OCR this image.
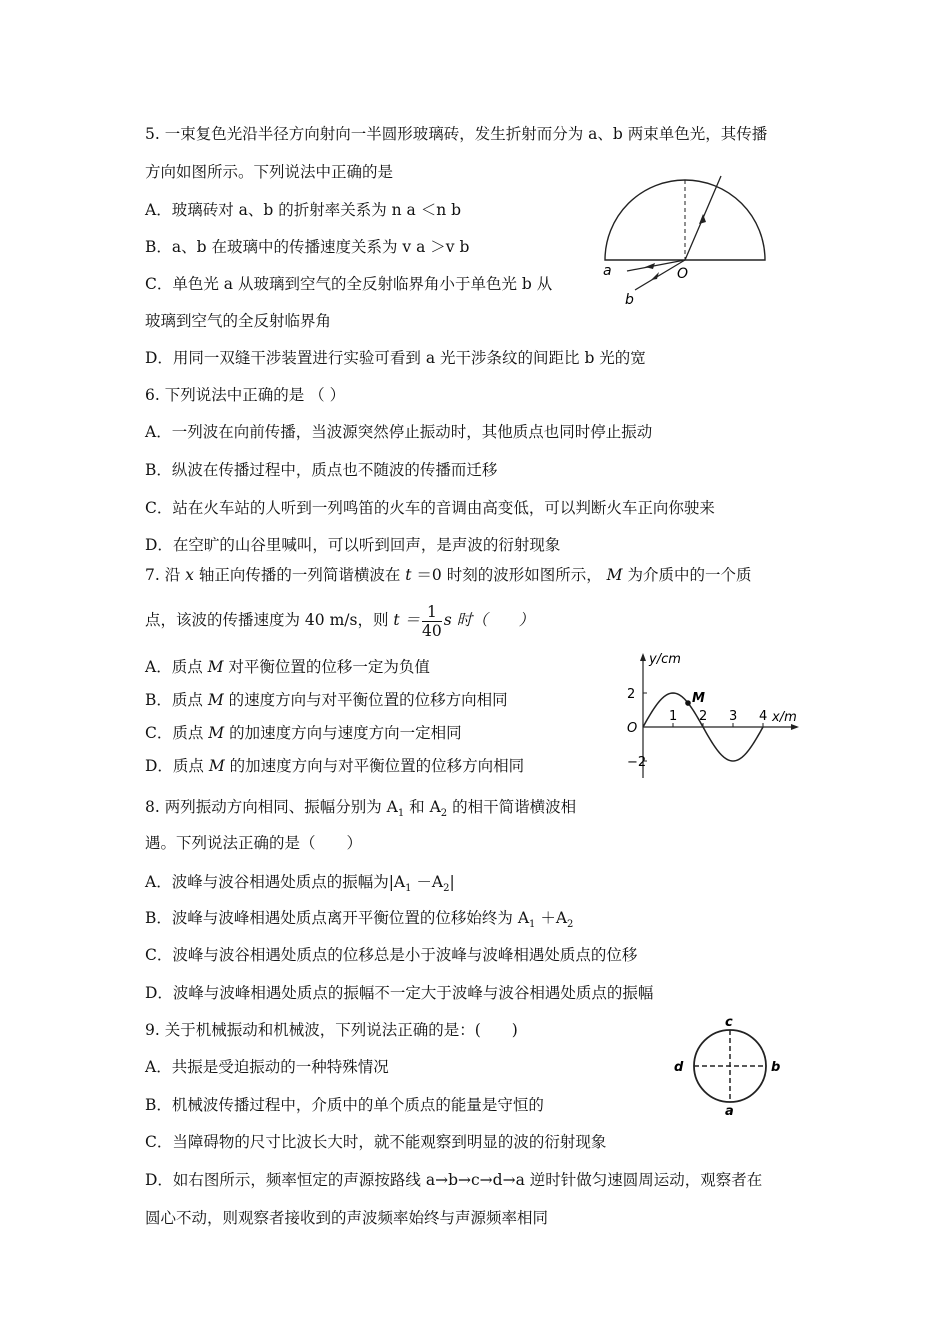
5. 一束复色光沿半径方向射向一半圆形玻璃砖，发生折射而分为 a、b 两束单色光，其传播
方向如图所示。下列说法中正确的是
A．玻璃砖对 a、b 的折射率关系为 n a ＜n b
B．a、b 在玻璃中的传播速度关系为 v a ＞v b
C．单色光 a 从玻璃到空气的全反射临界角小于单色光 b 从
玻璃到空气的全反射临界角
D．用同一双缝干涉装置进行实验可看到 a 光干涉条纹的间距比 b 光的宽
a
b
O
6. 下列说法中正确的是 （ ）
A．一列波在向前传播，当波源突然停止振动时，其他质点也同时停止振动
B．纵波在传播过程中，质点也不随波的传播而迁移
C．站在火车站的人听到一列鸣笛的火车的音调由高变低，可以判断火车正向你驶来
D．在空旷的山谷里喊叫，可以听到回声，是声波的衍射现象
7. 沿 x 轴正向传播的一列简谐横波在 t ＝0 时刻的波形如图所示， M 为介质中的一个质
点，该波的传播速度为 40 m/s，则 $t = \frac{1}{40}$ s 时（　　）
A．质点 M 对平衡位置的位移一定为负值
B．质点 M 的速度方向与对平衡位置的位移方向相同
C．质点 M 的加速度方向与速度方向一定相同
D．质点 M 的加速度方向与对平衡位置的位移方向相同
y/cm
x/m
O
2
−2
1 2 3 4
M
8. 两列振动方向相同、振幅分别为 $A_1$ 和 $A_2$ 的相干简谐横波相
遇。下列说法正确的是（　　）
A．波峰与波谷相遇处质点的振幅为$|A_1 -A_2|$
B．波峰与波峰相遇处质点离开平衡位置的位移始终为 $A_1 +A_2$
C．波峰与波谷相遇处质点的位移总是小于波峰与波峰相遇处质点的位移
D．波峰与波峰相遇处质点的振幅不一定大于波峰与波谷相遇处质点的振幅
9. 关于机械振动和机械波，下列说法正确的是：(　　)
A．共振是受迫振动的一种特殊情况
B．机械波传播过程中，介质中的单个质点的能量是守恒的
C．当障碍物的尺寸比波长大时，就不能观察到明显的波的衍射现象
D．如右图所示，频率恒定的声源按路线 a→b→c→d→a 逆时针做匀速圆周运动，观察者在
圆心不动，则观察者接收到的声波频率始终与声源频率相同
c
a
d	b
